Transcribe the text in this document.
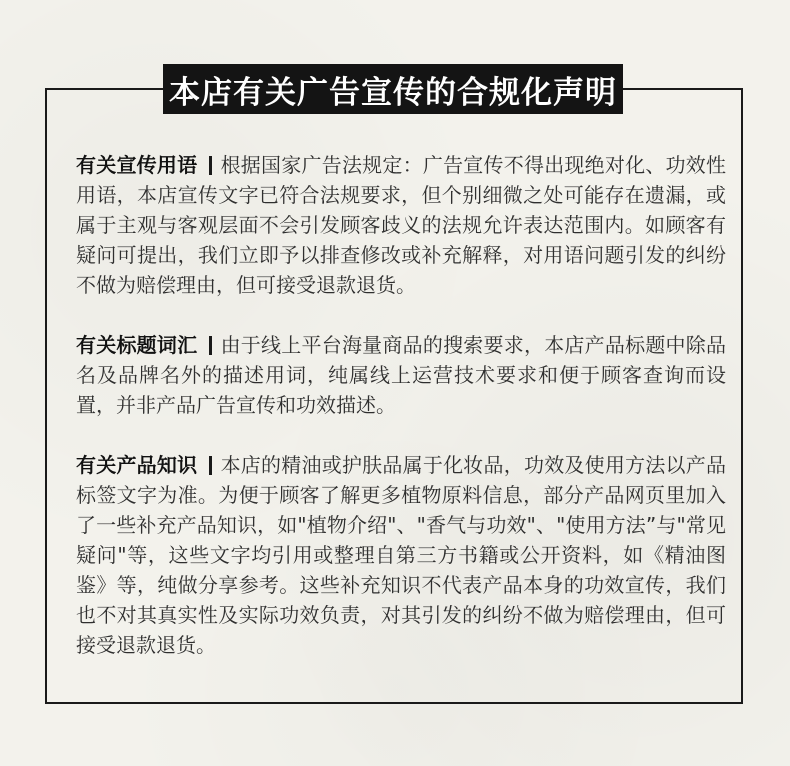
本店有关广告宣传的合规化声明
有关宣传用语 根据国家广告法规定：广告宣传不得出现绝对化、功效性用语，本店宣传文字已符合法规要求，但个别细微之处可能存在遗漏，或属于主观与客观层面不会引发顾客歧义的法规允许表达范围内。如顾客有疑问可提出，我们立即予以排查修改或补充解释，对用语问题引发的纠纷不做为赔偿理由，但可接受退款退货。
有关标题词汇 由于线上平台海量商品的搜索要求，本店产品标题中除品名及品牌名外的描述用词，纯属线上运营技术要求和便于顾客查询而设置，并非产品广告宣传和功效描述。
有关产品知识 本店的精油或护肤品属于化妆品，功效及使用方法以产品标签文字为准。为便于顾客了解更多植物原料信息，部分产品网页里加入了一些补充产品知识，如"植物介绍"、"香气与功效"、"使用方法”与"常见疑问"等，这些文字均引用或整理自第三方书籍或公开资料，如《精油图鉴》等，纯做分享参考。这些补充知识不代表产品本身的功效宣传，我们也不对其真实性及实际功效负责，对其引发的纠纷不做为赔偿理由，但可接受退款退货。
